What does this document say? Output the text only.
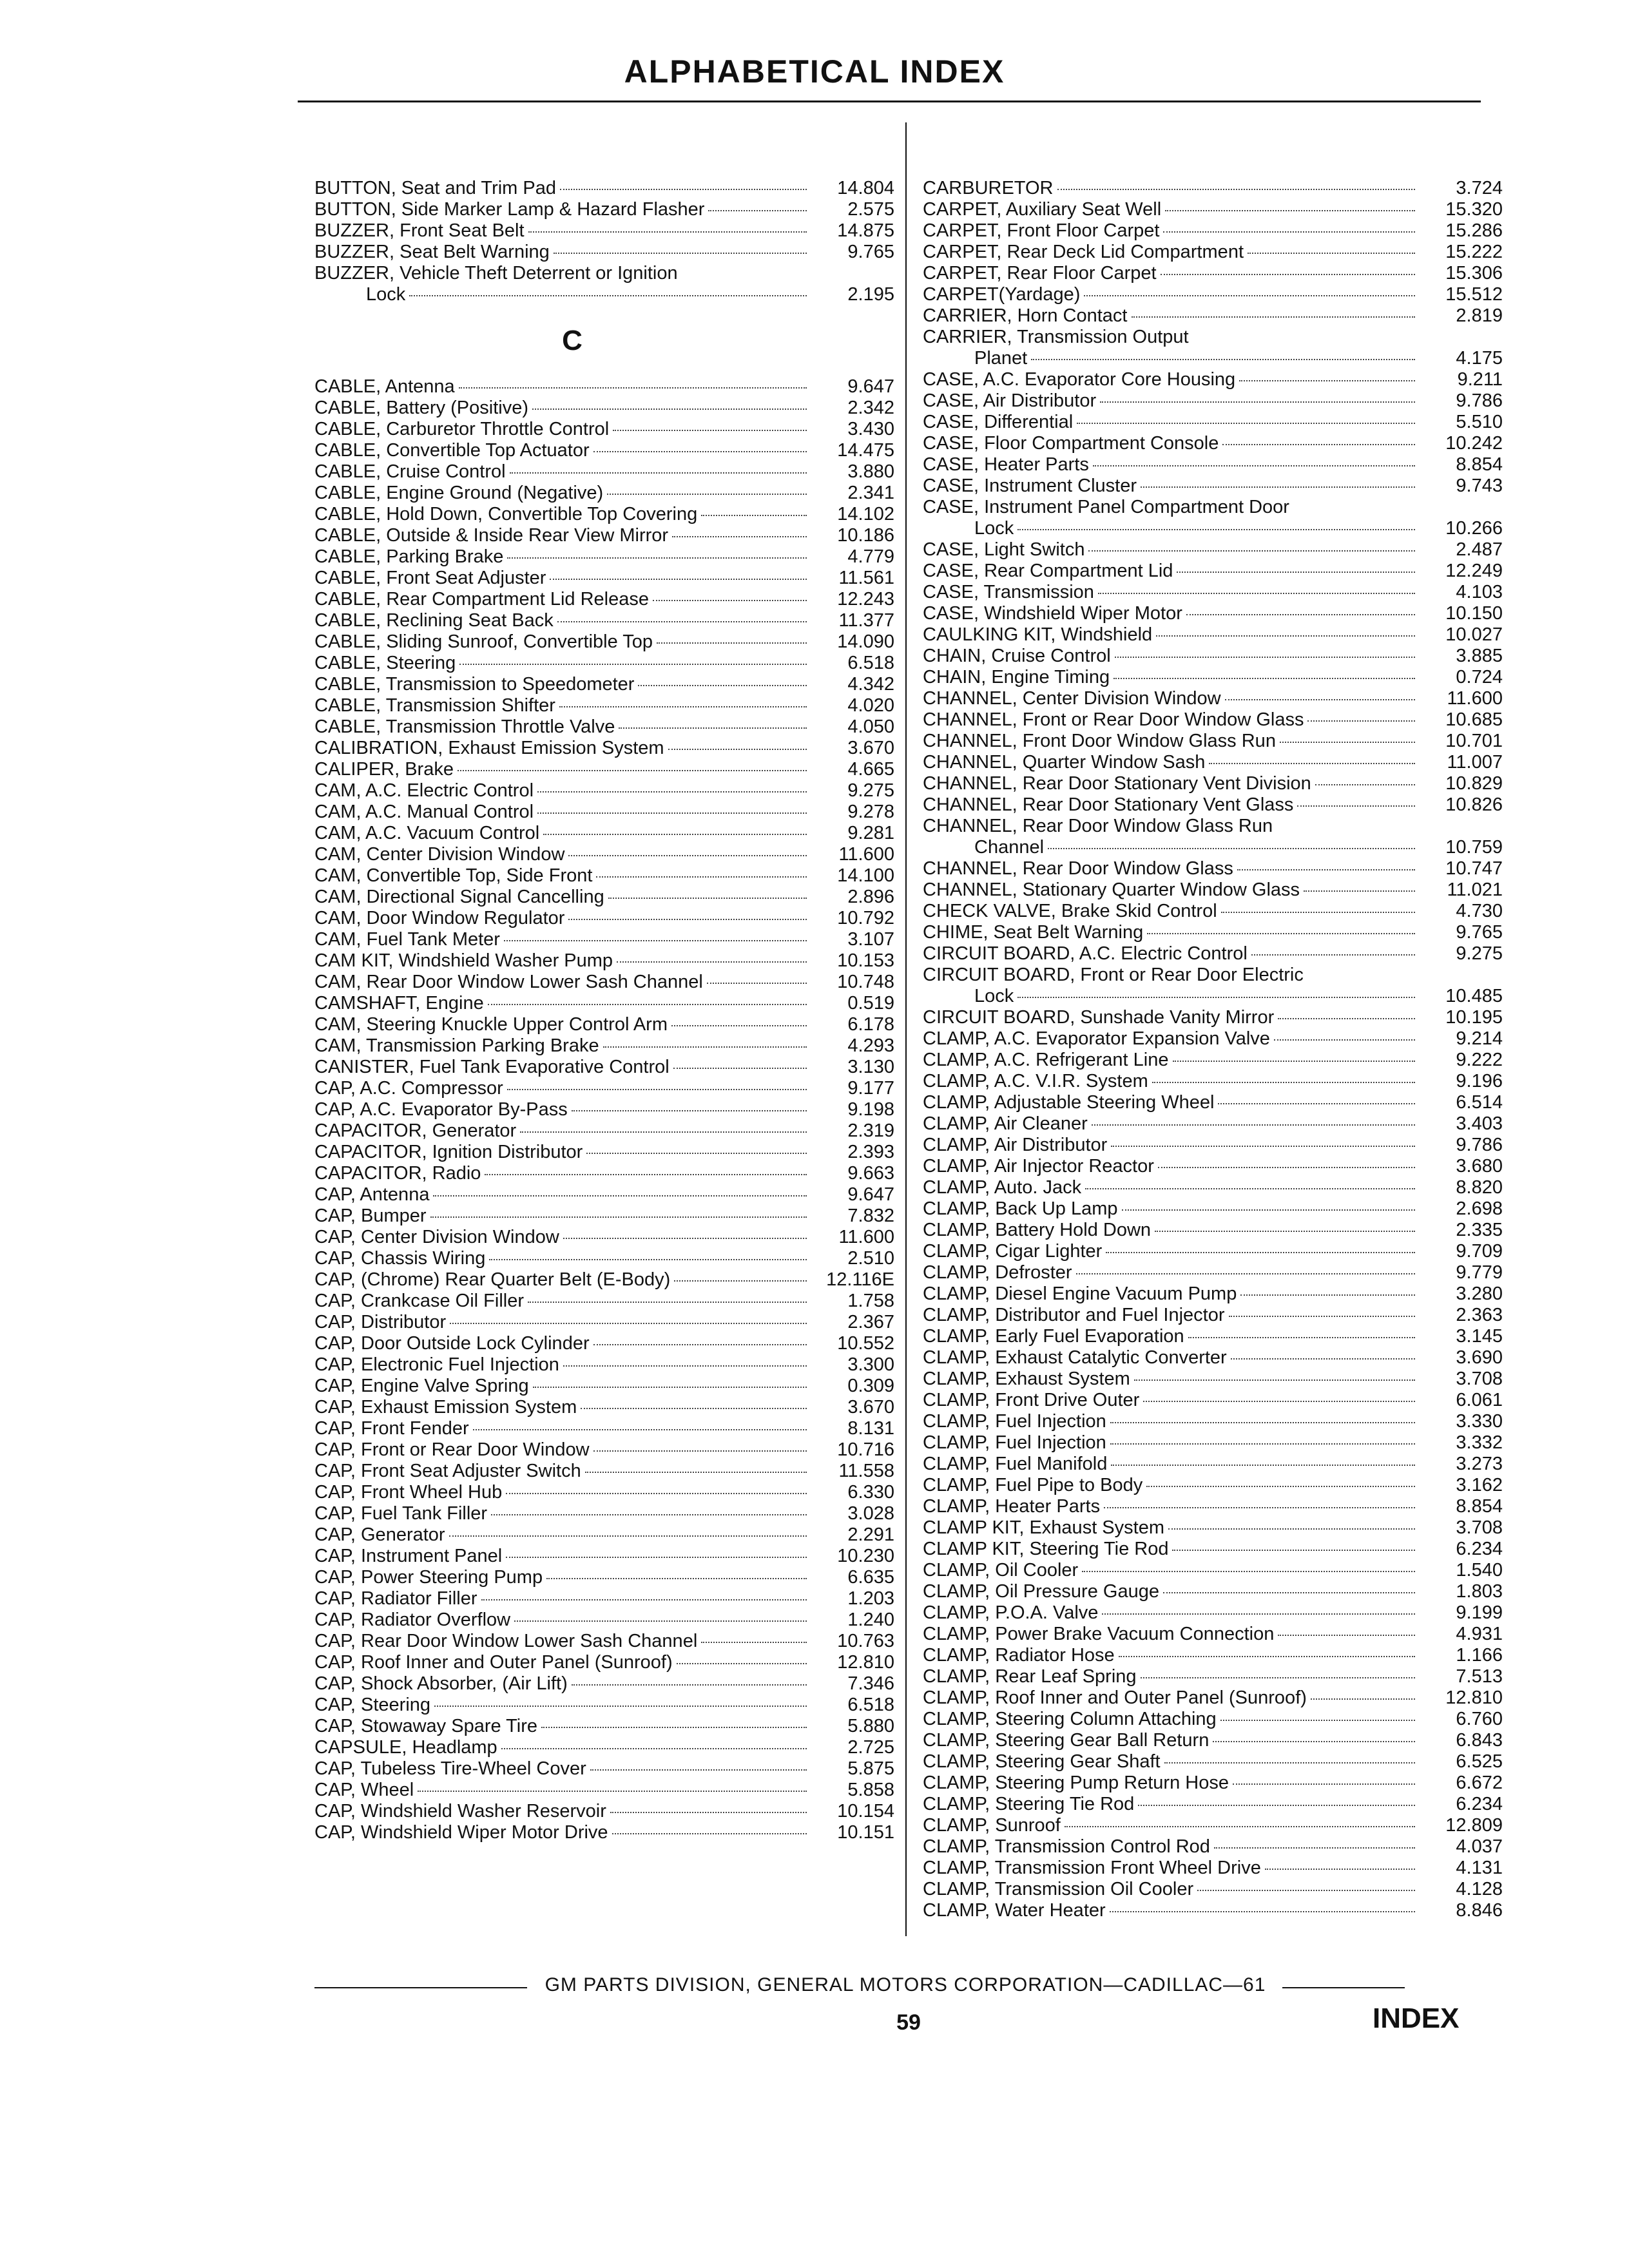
ALPHABETICAL INDEX
BUTTON, Seat and Trim Pad	14.804
BUTTON, Side Marker Lamp & Hazard Flasher	2.575
BUZZER, Front Seat Belt	14.875
BUZZER, Seat Belt Warning	9.765
BUZZER, Vehicle Theft Deterrent or Ignition
Lock	2.195
C
CABLE, Antenna	9.647
CABLE, Battery (Positive)	2.342
CABLE, Carburetor Throttle Control	3.430
CABLE, Convertible Top Actuator	14.475
CABLE, Cruise Control	3.880
CABLE, Engine Ground (Negative)	2.341
CABLE, Hold Down, Convertible Top Covering	14.102
CABLE, Outside & Inside Rear View Mirror	10.186
CABLE, Parking Brake	4.779
CABLE, Front Seat Adjuster	11.561
CABLE, Rear Compartment Lid Release	12.243
CABLE, Reclining Seat Back	11.377
CABLE, Sliding Sunroof, Convertible Top	14.090
CABLE, Steering	6.518
CABLE, Transmission to Speedometer	4.342
CABLE, Transmission Shifter	4.020
CABLE, Transmission Throttle Valve	4.050
CALIBRATION, Exhaust Emission System	3.670
CALIPER, Brake	4.665
CAM, A.C. Electric Control	9.275
CAM, A.C. Manual Control	9.278
CAM, A.C. Vacuum Control	9.281
CAM, Center Division Window	11.600
CAM, Convertible Top, Side Front	14.100
CAM, Directional Signal Cancelling	2.896
CAM, Door Window Regulator	10.792
CAM, Fuel Tank Meter	3.107
CAM KIT, Windshield Washer Pump	10.153
CAM, Rear Door Window Lower Sash Channel	10.748
CAMSHAFT, Engine	0.519
CAM, Steering Knuckle Upper Control Arm	6.178
CAM, Transmission Parking Brake	4.293
CANISTER, Fuel Tank Evaporative Control	3.130
CAP, A.C. Compressor	9.177
CAP, A.C. Evaporator By-Pass	9.198
CAPACITOR, Generator	2.319
CAPACITOR, Ignition Distributor	2.393
CAPACITOR, Radio	9.663
CAP, Antenna	9.647
CAP, Bumper	7.832
CAP, Center Division Window	11.600
CAP, Chassis Wiring	2.510
CAP, (Chrome) Rear Quarter Belt (E-Body)	12.116E
CAP, Crankcase Oil Filler	1.758
CAP, Distributor	2.367
CAP, Door Outside Lock Cylinder	10.552
CAP, Electronic Fuel Injection	3.300
CAP, Engine Valve Spring	0.309
CAP, Exhaust Emission System	3.670
CAP, Front Fender	8.131
CAP, Front or Rear Door Window	10.716
CAP, Front Seat Adjuster Switch	11.558
CAP, Front Wheel Hub	6.330
CAP, Fuel Tank Filler	3.028
CAP, Generator	2.291
CAP, Instrument Panel	10.230
CAP, Power Steering Pump	6.635
CAP, Radiator Filler	1.203
CAP, Radiator Overflow	1.240
CAP, Rear Door Window Lower Sash Channel	10.763
CAP, Roof Inner and Outer Panel (Sunroof)	12.810
CAP, Shock Absorber, (Air Lift)	7.346
CAP, Steering	6.518
CAP, Stowaway Spare Tire	5.880
CAPSULE, Headlamp	2.725
CAP, Tubeless Tire-Wheel Cover	5.875
CAP, Wheel	5.858
CAP, Windshield Washer Reservoir	10.154
CAP, Windshield Wiper Motor Drive	10.151
CARBURETOR	3.724
CARPET, Auxiliary Seat Well	15.320
CARPET, Front Floor Carpet	15.286
CARPET, Rear Deck Lid Compartment	15.222
CARPET, Rear Floor Carpet	15.306
CARPET(Yardage)	15.512
CARRIER, Horn Contact	2.819
CARRIER, Transmission Output
Planet	4.175
CASE, A.C. Evaporator Core Housing	9.211
CASE, Air Distributor	9.786
CASE, Differential	5.510
CASE, Floor Compartment Console	10.242
CASE, Heater Parts	8.854
CASE, Instrument Cluster	9.743
CASE, Instrument Panel Compartment Door
Lock	10.266
CASE, Light Switch	2.487
CASE, Rear Compartment Lid	12.249
CASE, Transmission	4.103
CASE, Windshield Wiper Motor	10.150
CAULKING KIT, Windshield	10.027
CHAIN, Cruise Control	3.885
CHAIN, Engine Timing	0.724
CHANNEL, Center Division Window	11.600
CHANNEL, Front or Rear Door Window Glass	10.685
CHANNEL, Front Door Window Glass Run	10.701
CHANNEL, Quarter Window Sash	11.007
CHANNEL, Rear Door Stationary Vent Division	10.829
CHANNEL, Rear Door Stationary Vent Glass	10.826
CHANNEL, Rear Door Window Glass Run
Channel	10.759
CHANNEL, Rear Door Window Glass	10.747
CHANNEL, Stationary Quarter Window Glass	11.021
CHECK VALVE, Brake Skid Control	4.730
CHIME, Seat Belt Warning	9.765
CIRCUIT BOARD, A.C. Electric Control	9.275
CIRCUIT BOARD, Front or Rear Door Electric
Lock	10.485
CIRCUIT BOARD, Sunshade Vanity Mirror	10.195
CLAMP, A.C. Evaporator Expansion Valve	9.214
CLAMP, A.C. Refrigerant Line	9.222
CLAMP, A.C. V.I.R. System	9.196
CLAMP, Adjustable Steering Wheel	6.514
CLAMP, Air Cleaner	3.403
CLAMP, Air Distributor	9.786
CLAMP, Air Injector Reactor	3.680
CLAMP, Auto. Jack	8.820
CLAMP, Back Up Lamp	2.698
CLAMP, Battery Hold Down	2.335
CLAMP, Cigar Lighter	9.709
CLAMP, Defroster	9.779
CLAMP, Diesel Engine Vacuum Pump	3.280
CLAMP, Distributor and Fuel Injector	2.363
CLAMP, Early Fuel Evaporation	3.145
CLAMP, Exhaust Catalytic Converter	3.690
CLAMP, Exhaust System	3.708
CLAMP, Front Drive Outer	6.061
CLAMP, Fuel Injection	3.330
CLAMP, Fuel Injection	3.332
CLAMP, Fuel Manifold	3.273
CLAMP, Fuel Pipe to Body	3.162
CLAMP, Heater Parts	8.854
CLAMP KIT, Exhaust System	3.708
CLAMP KIT, Steering Tie Rod	6.234
CLAMP, Oil Cooler	1.540
CLAMP, Oil Pressure Gauge	1.803
CLAMP, P.O.A. Valve	9.199
CLAMP, Power Brake Vacuum Connection	4.931
CLAMP, Radiator Hose	1.166
CLAMP, Rear Leaf Spring	7.513
CLAMP, Roof Inner and Outer Panel (Sunroof)	12.810
CLAMP, Steering Column Attaching	6.760
CLAMP, Steering Gear Ball Return	6.843
CLAMP, Steering Gear Shaft	6.525
CLAMP, Steering Pump Return Hose	6.672
CLAMP, Steering Tie Rod	6.234
CLAMP, Sunroof	12.809
CLAMP, Transmission Control Rod	4.037
CLAMP, Transmission Front Wheel Drive	4.131
CLAMP, Transmission Oil Cooler	4.128
CLAMP, Water Heater	8.846
GM PARTS DIVISION, GENERAL MOTORS CORPORATION—CADILLAC—61
59	INDEX
